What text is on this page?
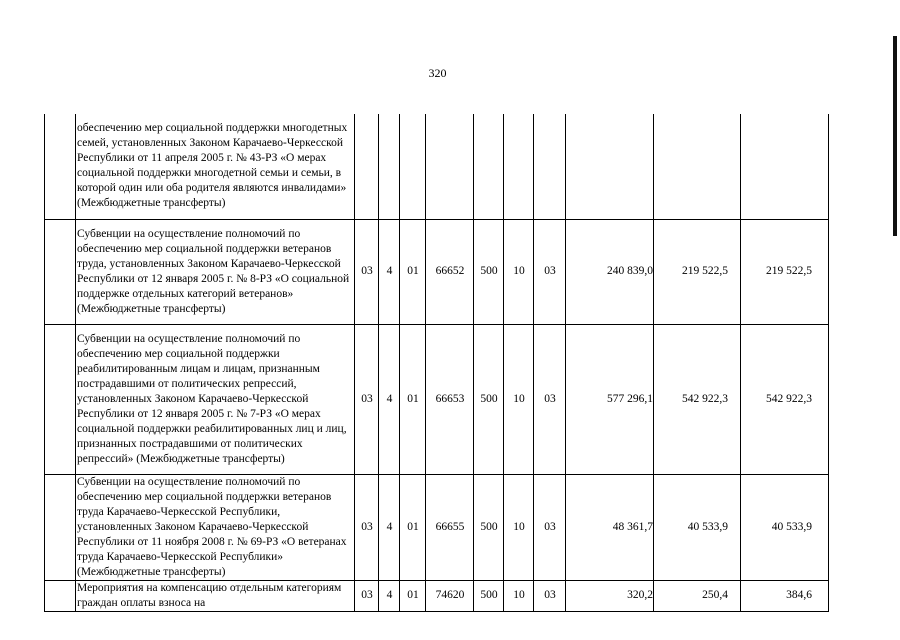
320
	обеспечению мер социальной поддержки многодетных семей, установленных Законом Карачаево-Черкесской Республики от 11 апреля 2005 г. № 43-РЗ «О мерах социальной поддержки многодетной семьи и семьи, в которой один или оба родителя являются инвалидами» (Межбюджетные трансферты)										
	Субвенции на осуществление полномочий по обеспечению мер социальной поддержки ветеранов труда, установленных Законом Карачаево-Черкесской Республики от 12 января 2005 г. № 8-РЗ «О социальной поддержке отдельных категорий ветеранов» (Межбюджетные трансферты)	03	4	01	66652	500	10	03	240 839,0	219 522,5	219 522,5
	Субвенции на осуществление полномочий по обеспечению мер социальной поддержки реабилитированным лицам и лицам, признанным пострадавшими от политических репрессий, установленных Законом Карачаево-Черкесской Республики от 12 января 2005 г. № 7-РЗ «О мерах социальной поддержки реабилитированных лиц и лиц, признанных пострадавшими от политических репрессий» (Межбюджетные трансферты)	03	4	01	66653	500	10	03	577 296,1	542 922,3	542 922,3
	Субвенции на осуществление полномочий по обеспечению мер социальной поддержки ветеранов труда Карачаево-Черкесской Республики, установленных Законом Карачаево-Черкесской Республики от 11 ноября 2008 г. № 69-РЗ «О ветеранах труда Карачаево-Черкесской Республики» (Межбюджетные трансферты)	03	4	01	66655	500	10	03	48 361,7	40 533,9	40 533,9
	Мероприятия на компенсацию отдельным категориям граждан оплаты взноса на	03	4	01	74620	500	10	03	320,2	250,4	384,6
